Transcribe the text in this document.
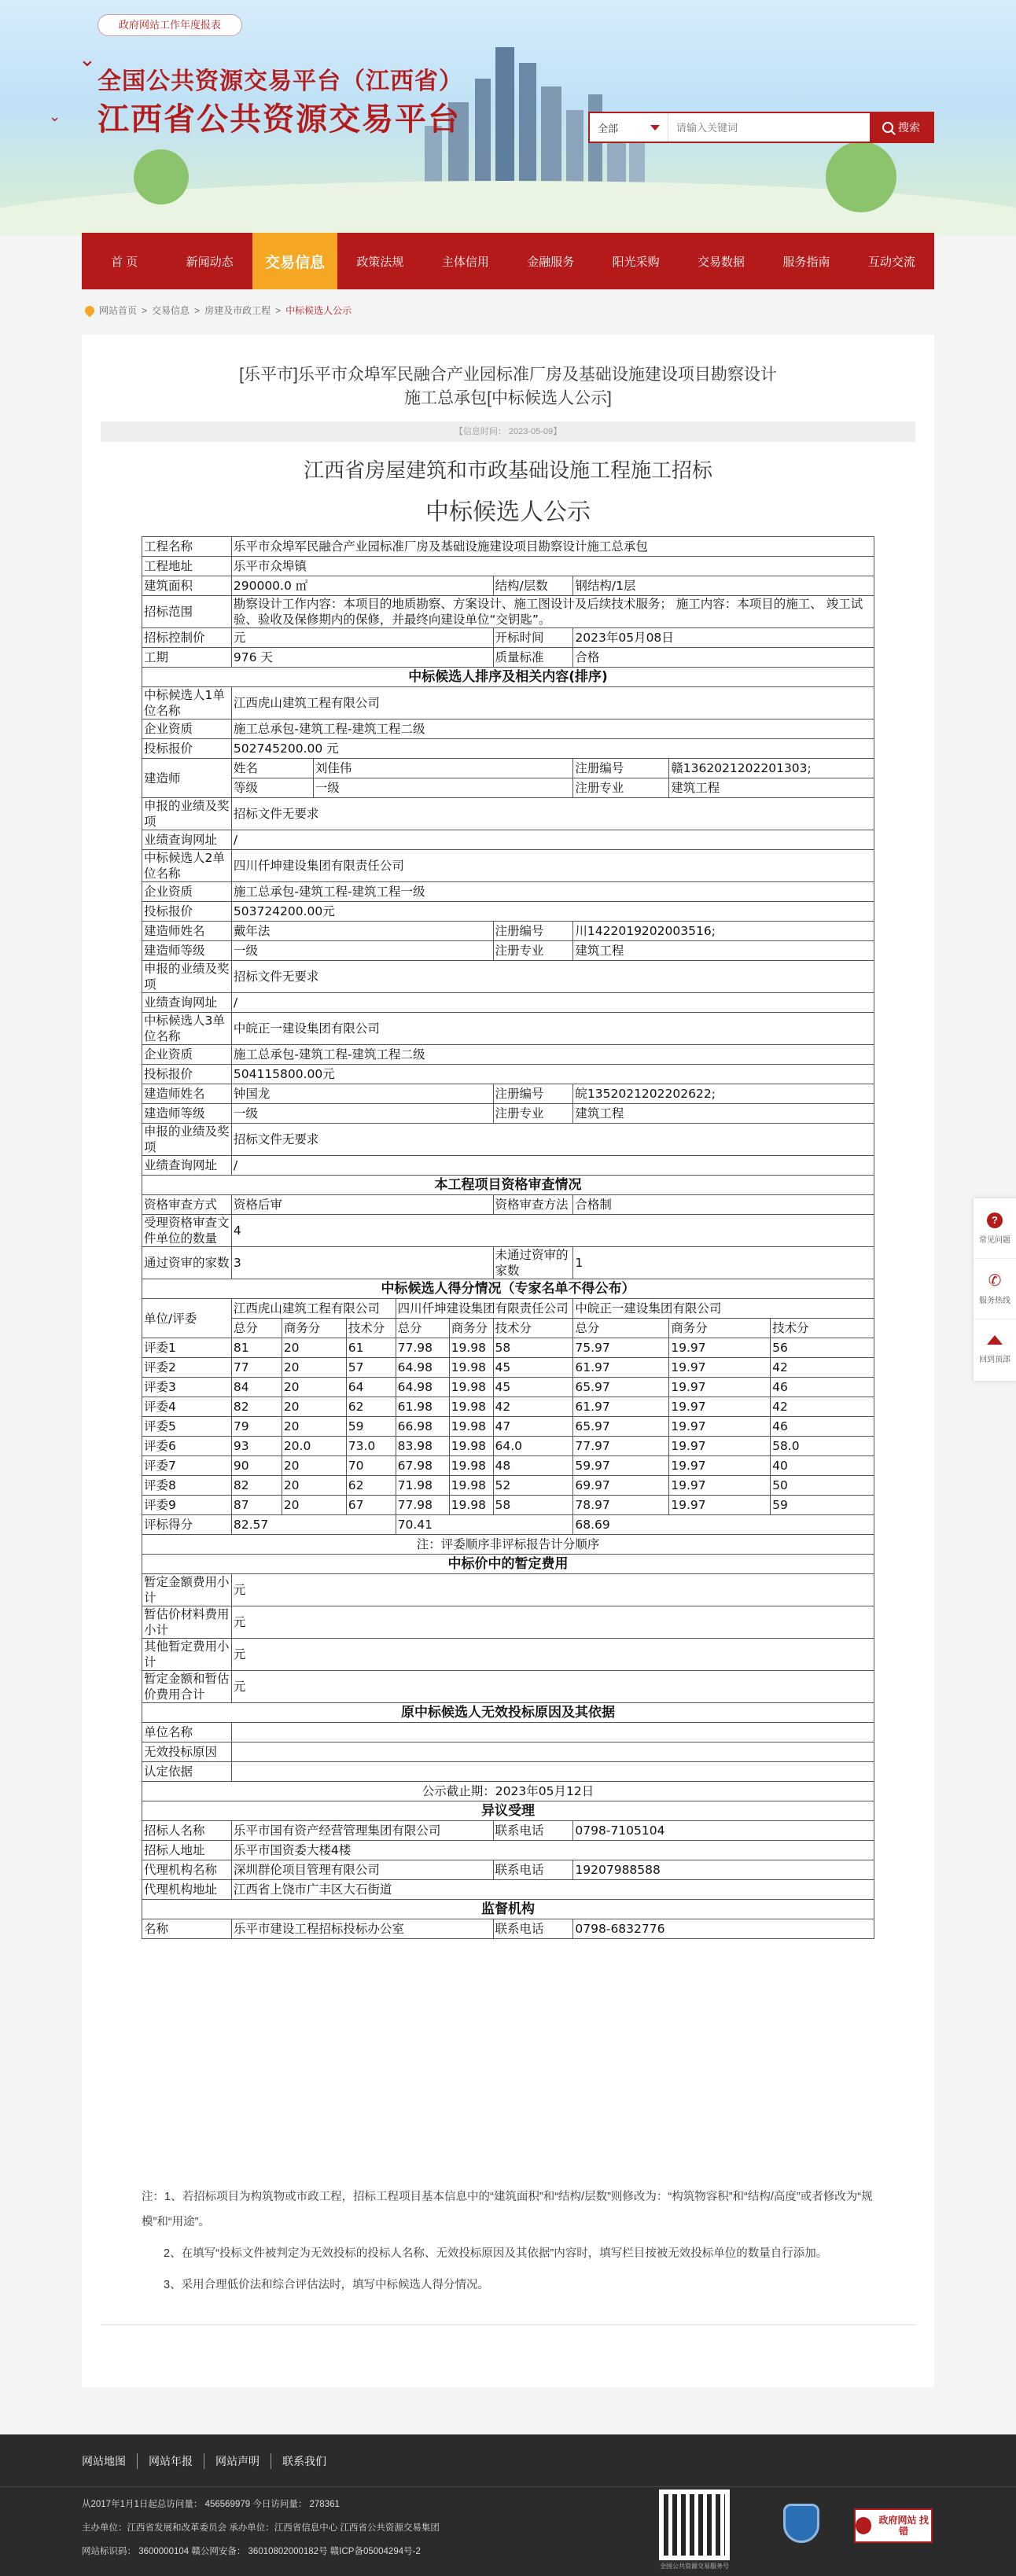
政府网站工作年度报表
⌄
⌄
全国公共资源交易平台（江西省）
江西省公共资源交易平台	全部
请输入关键词	搜索
首 页	新闻动态	交易信息	政策法规	主体信用	金融服务	阳光采购	交易数据	服务指南	互动交流
网站首页 > 交易信息 > 房建及市政工程 > 中标候选人公示
[乐平市]乐平市众埠军民融合产业园标准厂房及基础设施建设项目勘察设计
施工总承包[中标候选人公示]
【信息时间： 2023-05-09】
江西省房屋建筑和市政基础设施工程施工招标
中标候选人公示
工程名称	乐平市众埠军民融合产业园标准厂房及基础设施建设项目勘察设计施工总承包									
工程地址	乐平市众埠镇									
建筑面积	290000.0 ㎡						结构/层数	钢结构/1层		
招标范围	勘察设计工作内容：本项目的地质勘察、方案设计、施工图设计及后续技术服务； 施工内容：本项目的施工、 竣工试验、验收及保修期内的保修，并最终向建设单位“交钥匙”。									
招标控制价	元						开标时间	2023年05月08日		
工期	976 天						质量标准	合格		
中标候选人排序及相关内容(排序)										
中标候选人1单位名称	江西虎山建筑工程有限公司									
企业资质	施工总承包-建筑工程-建筑工程二级									
投标报价	502745200.00 元									
建造师	姓名		刘佳伟					注册编号	赣1362021202201303;	
	等级		一级					注册专业	建筑工程	
申报的业绩及奖项	招标文件无要求									
业绩查询网址	/									
中标候选人2单位名称	四川仟坤建设集团有限责任公司									
企业资质	施工总承包-建筑工程-建筑工程一级									
投标报价	503724200.00元									
建造师姓名	戴年法						注册编号	川1422019202003516;		
建造师等级	一级						注册专业	建筑工程		
申报的业绩及奖项	招标文件无要求									
业绩查询网址	/									
中标候选人3单位名称	中皖正一建设集团有限公司									
企业资质	施工总承包-建筑工程-建筑工程二级									
投标报价	504115800.00元									
建造师姓名	钟国龙						注册编号	皖1352021202202622;		
建造师等级	一级						注册专业	建筑工程		
申报的业绩及奖项	招标文件无要求									
业绩查询网址	/									
本工程项目资格审查情况										
资格审查方式	资格后审						资格审查方法	合格制		
受理资格审查文件单位的数量	4									
通过资审的家数	3						未通过资审的家数	1		
中标候选人得分情况（专家名单不得公布）										
单位/评委	江西虎山建筑工程有限公司				四川仟坤建设集团有限责任公司			中皖正一建设集团有限公司		
	总分	商务分		技术分	总分	商务分	技术分	总分	商务分	技术分
评委1	81	20		61	77.98	19.98	58	75.97	19.97	56
评委2	77	20		57	64.98	19.98	45	61.97	19.97	42
评委3	84	20		64	64.98	19.98	45	65.97	19.97	46
评委4	82	20		62	61.98	19.98	42	61.97	19.97	42
评委5	79	20		59	66.98	19.98	47	65.97	19.97	46
评委6	93	20.0		73.0	83.98	19.98	64.0	77.97	19.97	58.0
评委7	90	20		70	67.98	19.98	48	59.97	19.97	40
评委8	82	20		62	71.98	19.98	52	69.97	19.97	50
评委9	87	20		67	77.98	19.98	58	78.97	19.97	59
评标得分	82.57				70.41			68.69		
注：评委顺序非评标报告计分顺序										
中标价中的暂定费用										
暂定金额费用小计	元									
暂估价材料费用小计	元									
其他暂定费用小计	元									
暂定金额和暂估价费用合计	元									
原中标候选人无效投标原因及其依据										
单位名称										
无效投标原因										
认定依据										
公示截止期：2023年05月12日										
异议受理										
招标人名称	乐平市国有资产经营管理集团有限公司						联系电话	0798-7105104		
招标人地址	乐平市国资委大楼4楼									
代理机构名称	深圳群伦项目管理有限公司						联系电话	19207988588		
代理机构地址	江西省上饶市广丰区大石街道									
监督机构										
名称	乐平市建设工程招标投标办公室						联系电话	0798-6832776		

注：1、若招标项目为构筑物或市政工程，招标工程项目基本信息中的“建筑面积”和“结构/层数”则修改为：“构筑物容积”和“结构/高度”或者修改为“规模”和“用途”。

2、在填写“投标文件被判定为无效投标的投标人名称、无效投标原因及其依据”内容时，填写栏目按被无效投标单位的数量自行添加。

3、采用合理低价法和综合评估法时，填写中标候选人得分情况。

?
常见问题
✆
服务热线
回到顶部
网站地图	网站年报	网站声明	联系我们
从2017年1月1日起总访问量： 456569979 今日访问量： 278361
主办单位：江西省发展和改革委员会 承办单位：江西省信息中心 江西省公共资源交易集团
网站标识码： 3600000104 赣公网安备： 36010802000182号 赣ICP备05004294号-2
全国公共资源交易服务号
政府网站 找错
